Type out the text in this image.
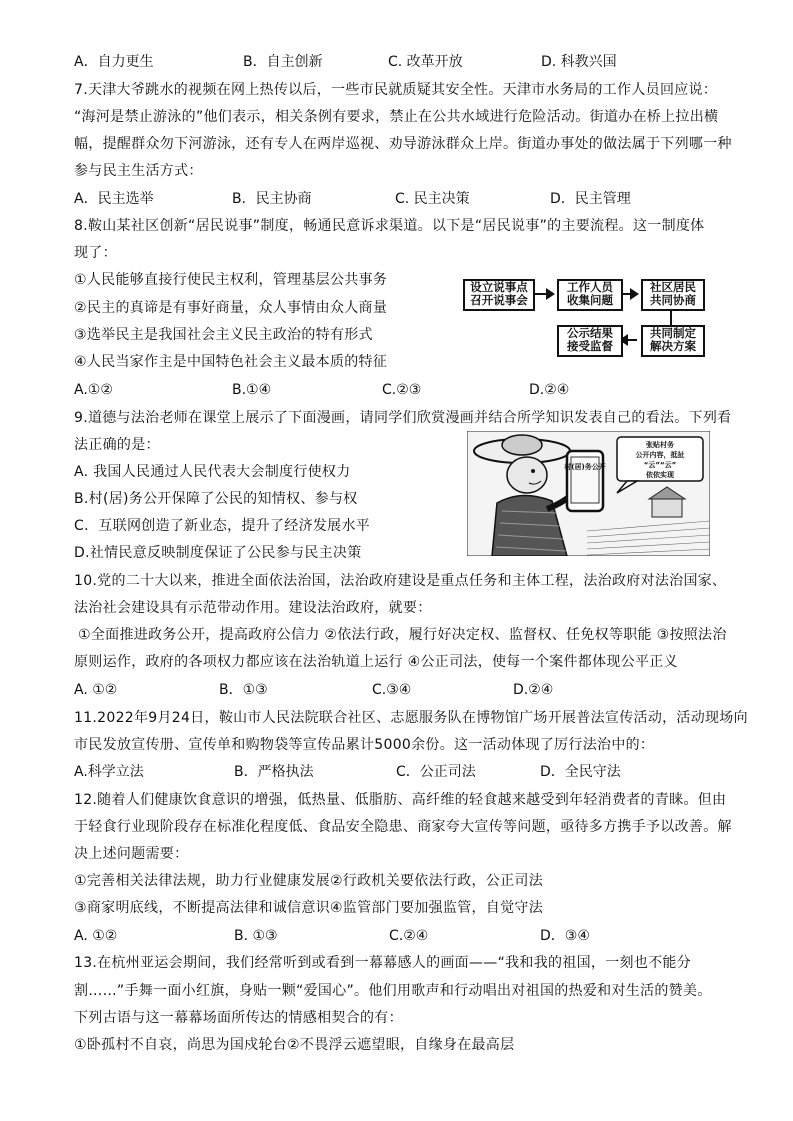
A．自力更生	B．自主创新	C. 改革开放	D. 科教兴国
7.天津大爷跳水的视频在网上热传以后，一些市民就质疑其安全性。天津市水务局的工作人员回应说：
“海河是禁止游泳的”他们表示，相关条例有要求，禁止在公共水域进行危险活动。街道办在桥上拉出横
幅，提醒群众勿下河游泳，还有专人在两岸巡视、劝导游泳群众上岸。街道办事处的做法属于下列哪一种
参与民主生活方式：
A．民主选举	B．民主协商	C. 民主决策	D．民主管理
8.鞍山某社区创新“居民说事”制度，畅通民意诉求渠道。以下是“居民说事”的主要流程。这一制度体
现了：
①人民能够直接行使民主权利，管理基层公共事务
②民主的真谛是有事好商量，众人事情由众人商量
③选举民主是我国社会主义民主政治的特有形式
④人民当家作主是中国特色社会主义最本质的特征
A.①②	B.①④	C.②③	D.②④
设立说事点
召开说事会
工作人员
收集问题
社区居民
共同协商
共同制定
解决方案
公示结果
接受监督
9.道德与法治老师在课堂上展示了下面漫画，请同学们欣赏漫画并结合所学知识发表自己的看法。下列看
法正确的是：
A. 我国人民通过人民代表大会制度行使权力
B.村(居)务公开保障了公民的知情权、参与权
C．互联网创造了新业态，提升了经济发展水平
D.社情民意反映制度保证了公民参与民主决策
村(居)务公开
张贴村务
公开内容，抵扯
“云”“云”
依依实现
10.党的二十大以来，推进全面依法治国，法治政府建设是重点任务和主体工程，法治政府对法治国家、
法治社会建设具有示范带动作用。建设法治政府，就要：
①全面推进政务公开，提高政府公信力 ②依法行政，履行好决定权、监督权、任免权等职能 ③按照法治
原则运作，政府的各项权力都应该在法治轨道上运行 ④公正司法，使每一个案件都体现公平正义
A. ①②	B．①③	C.③④	D.②④
11.2022年9月24日，鞍山市人民法院联合社区、志愿服务队在博物馆广场开展普法宣传活动，活动现场向
市民发放宣传册、宣传单和购物袋等宣传品累计5000余份。这一活动体现了厉行法治中的：
A.科学立法	B．严格执法	C．公正司法	D．全民守法
12.随着人们健康饮食意识的增强，低热量、低脂肪、高纤维的轻食越来越受到年轻消费者的青睐。但由
于轻食行业现阶段存在标准化程度低、食品安全隐患、商家夸大宣传等问题，亟待多方携手予以改善。解
决上述问题需要：
①完善相关法律法规，助力行业健康发展②行政机关要依法行政，公正司法
③商家明底线，不断提高法律和诚信意识④监管部门要加强监管，自觉守法
A. ①②	B. ①③	C.②④	D．③④
13.在杭州亚运会期间，我们经常听到或看到一幕幕感人的画面——“我和我的祖国，一刻也不能分
割……”手舞一面小红旗，身贴一颗“爱国心”。他们用歌声和行动唱出对祖国的热爱和对生活的赞美。
下列古语与这一幕幕场面所传达的情感相契合的有：
①卧孤村不自哀，尚思为国戍轮台②不畏浮云遮望眼，自缘身在最高层
